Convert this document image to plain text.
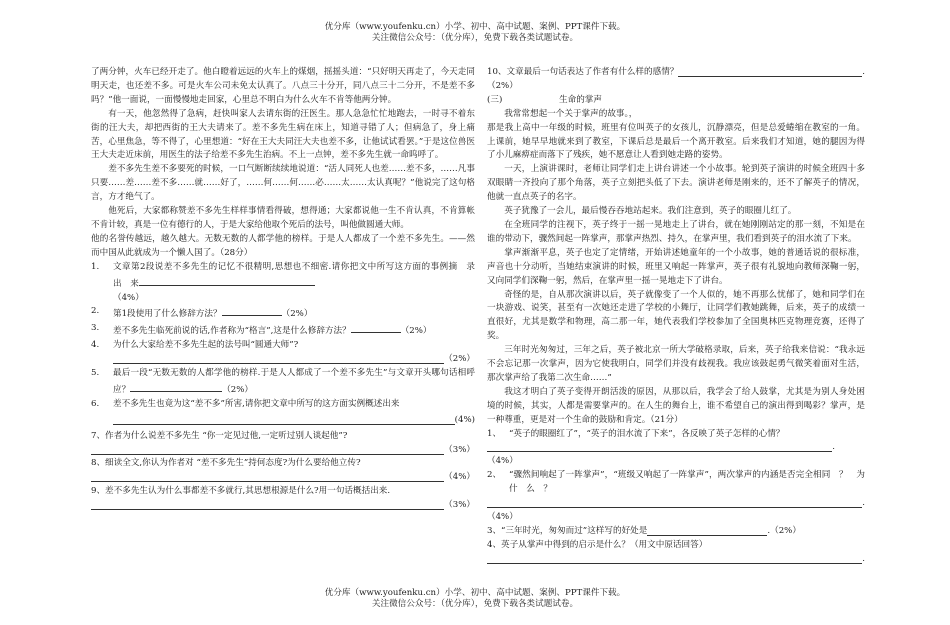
优分库（www.youfenku.cn）小学、初中、高中试题、案例、PPT课件下载。
关注微信公众号：（优分库），免费下载各类试题试卷。

了两分钟，火车已经开走了。他白瞪着远远的火车上的煤烟，摇摇头道：“只好明天再走了，今天走同明天走，也还差不多。可是火车公司未免太认真了。八点三十分开，同八点三十二分开，不是差不多吗？”他一面说，一面慢慢地走回家，心里总不明白为什么火车不肯等他两分钟。

有一天，他忽然得了急病，赶快叫家人去请东街的汪医生。那人急急忙忙地跑去，一时寻不着东街的汪大夫，却把西街的王大夫请来了。差不多先生病在床上，知道寻错了人；但病急了，身上痛苦，心里焦急，等不得了，心里想道：“好在王大夫同汪大夫也差不多，让他试试看罢。”于是这位兽医王大夫走近床前，用医生的法子给差不多先生治病。不上一点钟，差不多先生就一命呜呼了。

差不多先生差不多要死的时候，一口气断断续续地说道：“活人同死人也差……差不多，……凡事只要……差……差不多……就……好了，……何……何……必……太……太认真呢？”他说完了这句格言，方才绝气了。

他死后，大家都称赞差不多先生样样事情看得破，想得通；大家都说他一生不肯认真，不肯算帐不肯计较，真是一位有德行的人，于是大家给他取个死后的法号，叫他做圆通大师。

他的名誉传越远，越久越大。无数无数的人都学他的榜样。于是人人都成了一个差不多先生。——然而中国从此就成为一个懒人国了。（28分）

1.	文章第2段说差不多先生的记忆不很精明,思想也不细密.请你把文中所写这方面的事例摘　录　出　来
（4%）
2.	第1段使用了什么修辞方法？	（2%）
3.	差不多先生临死前说的话,作者称为“格言”,这是什么修辞方法？	（2%）
4.	为什么大家给差不多先生起的法号叫“圆通大师”?
（2%）
5.	最后一段“无数无数的人都学他的榜样.于是人人都成了一个差不多先生”与文章开头哪句话相呼应？	（2%）
6.	差不多先生也竟为这“差不多”所害,请你把文章中所写的这方面实例概述出来
(4%)

7、作者为什么说差不多先生 “你一定见过他,一定听过别人谈起他”?

（3%）

8、细读全文,你认为作者对 “差不多先生”持何态度?为什么要给他立传?

（4%）

9、差不多先生认为什么事都差不多就行,其思想根源是什么?用一句话概括出来.

（3%）
10、文章最后一句话表达了作者有什么样的感情？	.

（2%）

(三)	生命的掌声

我常常想起一个关于掌声的故事。，

那是我上高中一年级的时候，班里有位叫英子的女孩儿，沉静漂亮，但是总爱蜷缩在教室的一角。上课前，她早早地就来到了教室，下课后总是最后一个离开教室。后来我们才知道，她的腿因为得了小儿麻痹症而落下了残疾，她不愿意让人看到她走路的姿势。

一天，上演讲课时，老师让同学们走上讲台讲述一个小故事。轮到英子演讲的时候全班四十多双眼睛一齐投向了那个角落，英子立刻把头低了下去。演讲老师是刚来的，还不了解英子的情况，他就一直点英子的名字。

英子犹豫了一会儿，最后慢吞吞地站起来。我们注意到，英子的眼圈儿红了。

在全班同学的注视下，英子终于一摇一晃地走上了讲台，就在她刚刚站定的那一刻，不知是在谁的带动下，骤然间起一阵掌声，那掌声热烈、持久，在掌声里，我们看到英子的泪水流了下来。

掌声渐渐平息，英子也定了定情绪，开始讲述她童年的一个小故事，她的普通话说的很标准，声音也十分动听，当她结束演讲的时候，班里又响起一阵掌声，英子很有礼貌地向教师深鞠一躬，又向同学们深鞠一躬，然后，在掌声里一摇一晃地走下了讲台。

奇怪的是，自从那次演讲以后，英子就像变了一个人似的，她不再那么忧郁了，她和同学们在一块游戏、说笑，甚至有一次她还走进了学校的小舞厅，让同学们教她跳舞，后来，英子的成绩一直很好，尤其是数学和物理，高二那一年，她代表我们学校参加了全国奥林匹克物理竞赛，还得了奖。

三年时光匆匆过，三年之后，英子被北京一所大学破格录取，后来，英子给我来信说：“我永远不会忘记那一次掌声，因为它使我明白，同学们并没有歧视我。我应该鼓起勇气微笑着面对生活，那次掌声给了我第二次生命……”

我这才明白了英子变得开朗活泼的原因，从那以后，我学会了给人鼓掌，尤其是为别人身处困境的时候，其实，人都是需要掌声的。在人生的舞台上，谁不希望自己的演出得到喝彩？掌声，是一种尊重，更是对一个生命的鼓励和肯定。（21分）

1、 “英子的眼圈红了”，“英子的泪水流了下来”，各反映了英子怎样的心情？
.

（4%）

2、 “骤然间响起了一阵掌声”，“班级又响起了一阵掌声”，两次掌声的内涵是否完全相同　？　为　什　么　？
.

（4%）

3、“三年时光，匆匆而过”这样写的好处是	. （2%）

4、英子从掌声中得到的启示是什么？（用文中原话回答）

.
优分库（www.youfenku.cn）小学、初中、高中试题、案例、PPT课件下载。
关注微信公众号：（优分库），免费下载各类试题试卷。
